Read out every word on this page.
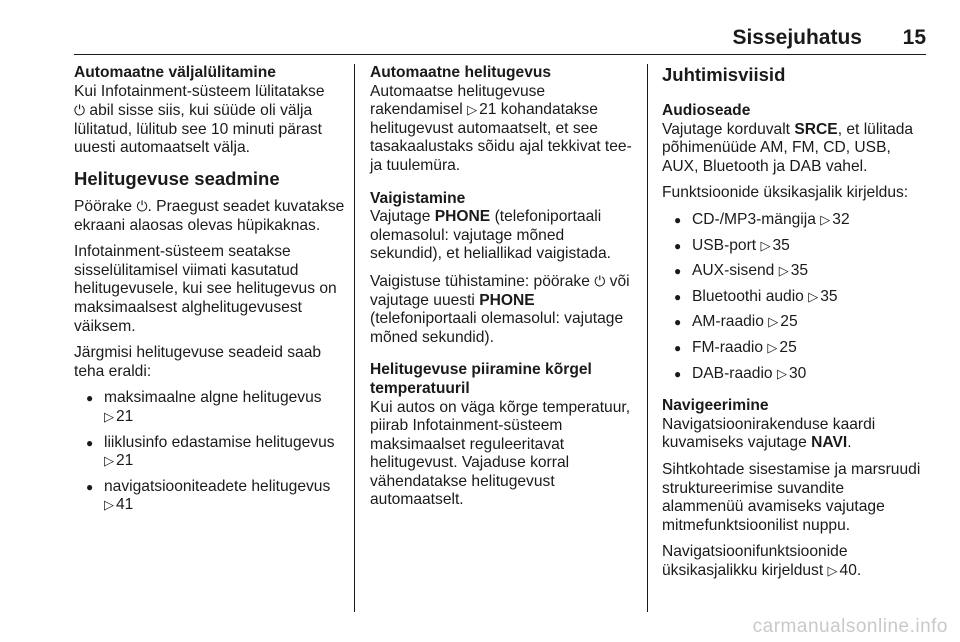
Sissejuhatus 15

Automaatne väljalülitamine
Kui Infotainment-süsteem lülitatakse
⏻ abil sisse siis, kui süüde oli välja lülitatud, lülitub see 10 minuti pärast uuesti automaatselt välja.

Helitugevuse seadmine

Pöörake ⏻. Praegust seadet kuvatakse ekraani alaosas olevas hüpikaknas.

Infotainment-süsteem seatakse sisselülitamisel viimati kasutatud helitugevusele, kui see helitugevus on maksimaalsest alghelitugevusest väiksem.

Järgmisi helitugevuse seadeid saab teha eraldi:

● maksimaalne algne helitugevus
▷ 21
● liiklusinfo edastamise helitugevus ▷ 21
● navigatsiooniteadete helitugevus
▷ 41

Automaatne helitugevus
Automaatse helitugevuse rakendamisel ▷ 21 kohandatakse helitugevust automaatselt, et see tasakaalustaks sõidu ajal tekkivat tee- ja tuulemüra.

Vaigistamine
Vajutage PHONE (telefoniportaali olemasolul: vajutage mõned sekundid), et heliallikad vaigistada.

Vaigistuse tühistamine: pöörake ⏻ või vajutage uuesti PHONE (telefoniportaali olemasolul: vajutage mõned sekundid).

Helitugevuse piiramine kõrgel temperatuuril
Kui autos on väga kõrge temperatuur, piirab Infotainment-süsteem maksimaalset reguleeritavat helitugevust. Vajaduse korral vähendatakse helitugevust automaatselt.

Juhtimisviisid

Audioseade
Vajutage korduvalt SRCE, et lülitada põhimenüüde AM, FM, CD, USB, AUX, Bluetooth ja DAB vahel.

Funktsioonide üksikasjalik kirjeldus:

● CD-/MP3-mängija ▷ 32
● USB-port ▷ 35
● AUX-sisend ▷ 35
● Bluetoothi audio ▷ 35
● AM-raadio ▷ 25
● FM-raadio ▷ 25
● DAB-raadio ▷ 30

Navigeerimine
Navigatsioonirakenduse kaardi kuvamiseks vajutage NAVI.

Sihtkohtade sisestamise ja marsruudi struktureerimise suvandite alammenüü avamiseks vajutage mitmefunktsioonilist nuppu.

Navigatsioonifunktsioonide üksikasjalikku kirjeldust ▷ 40.

carmanualsonline.info
